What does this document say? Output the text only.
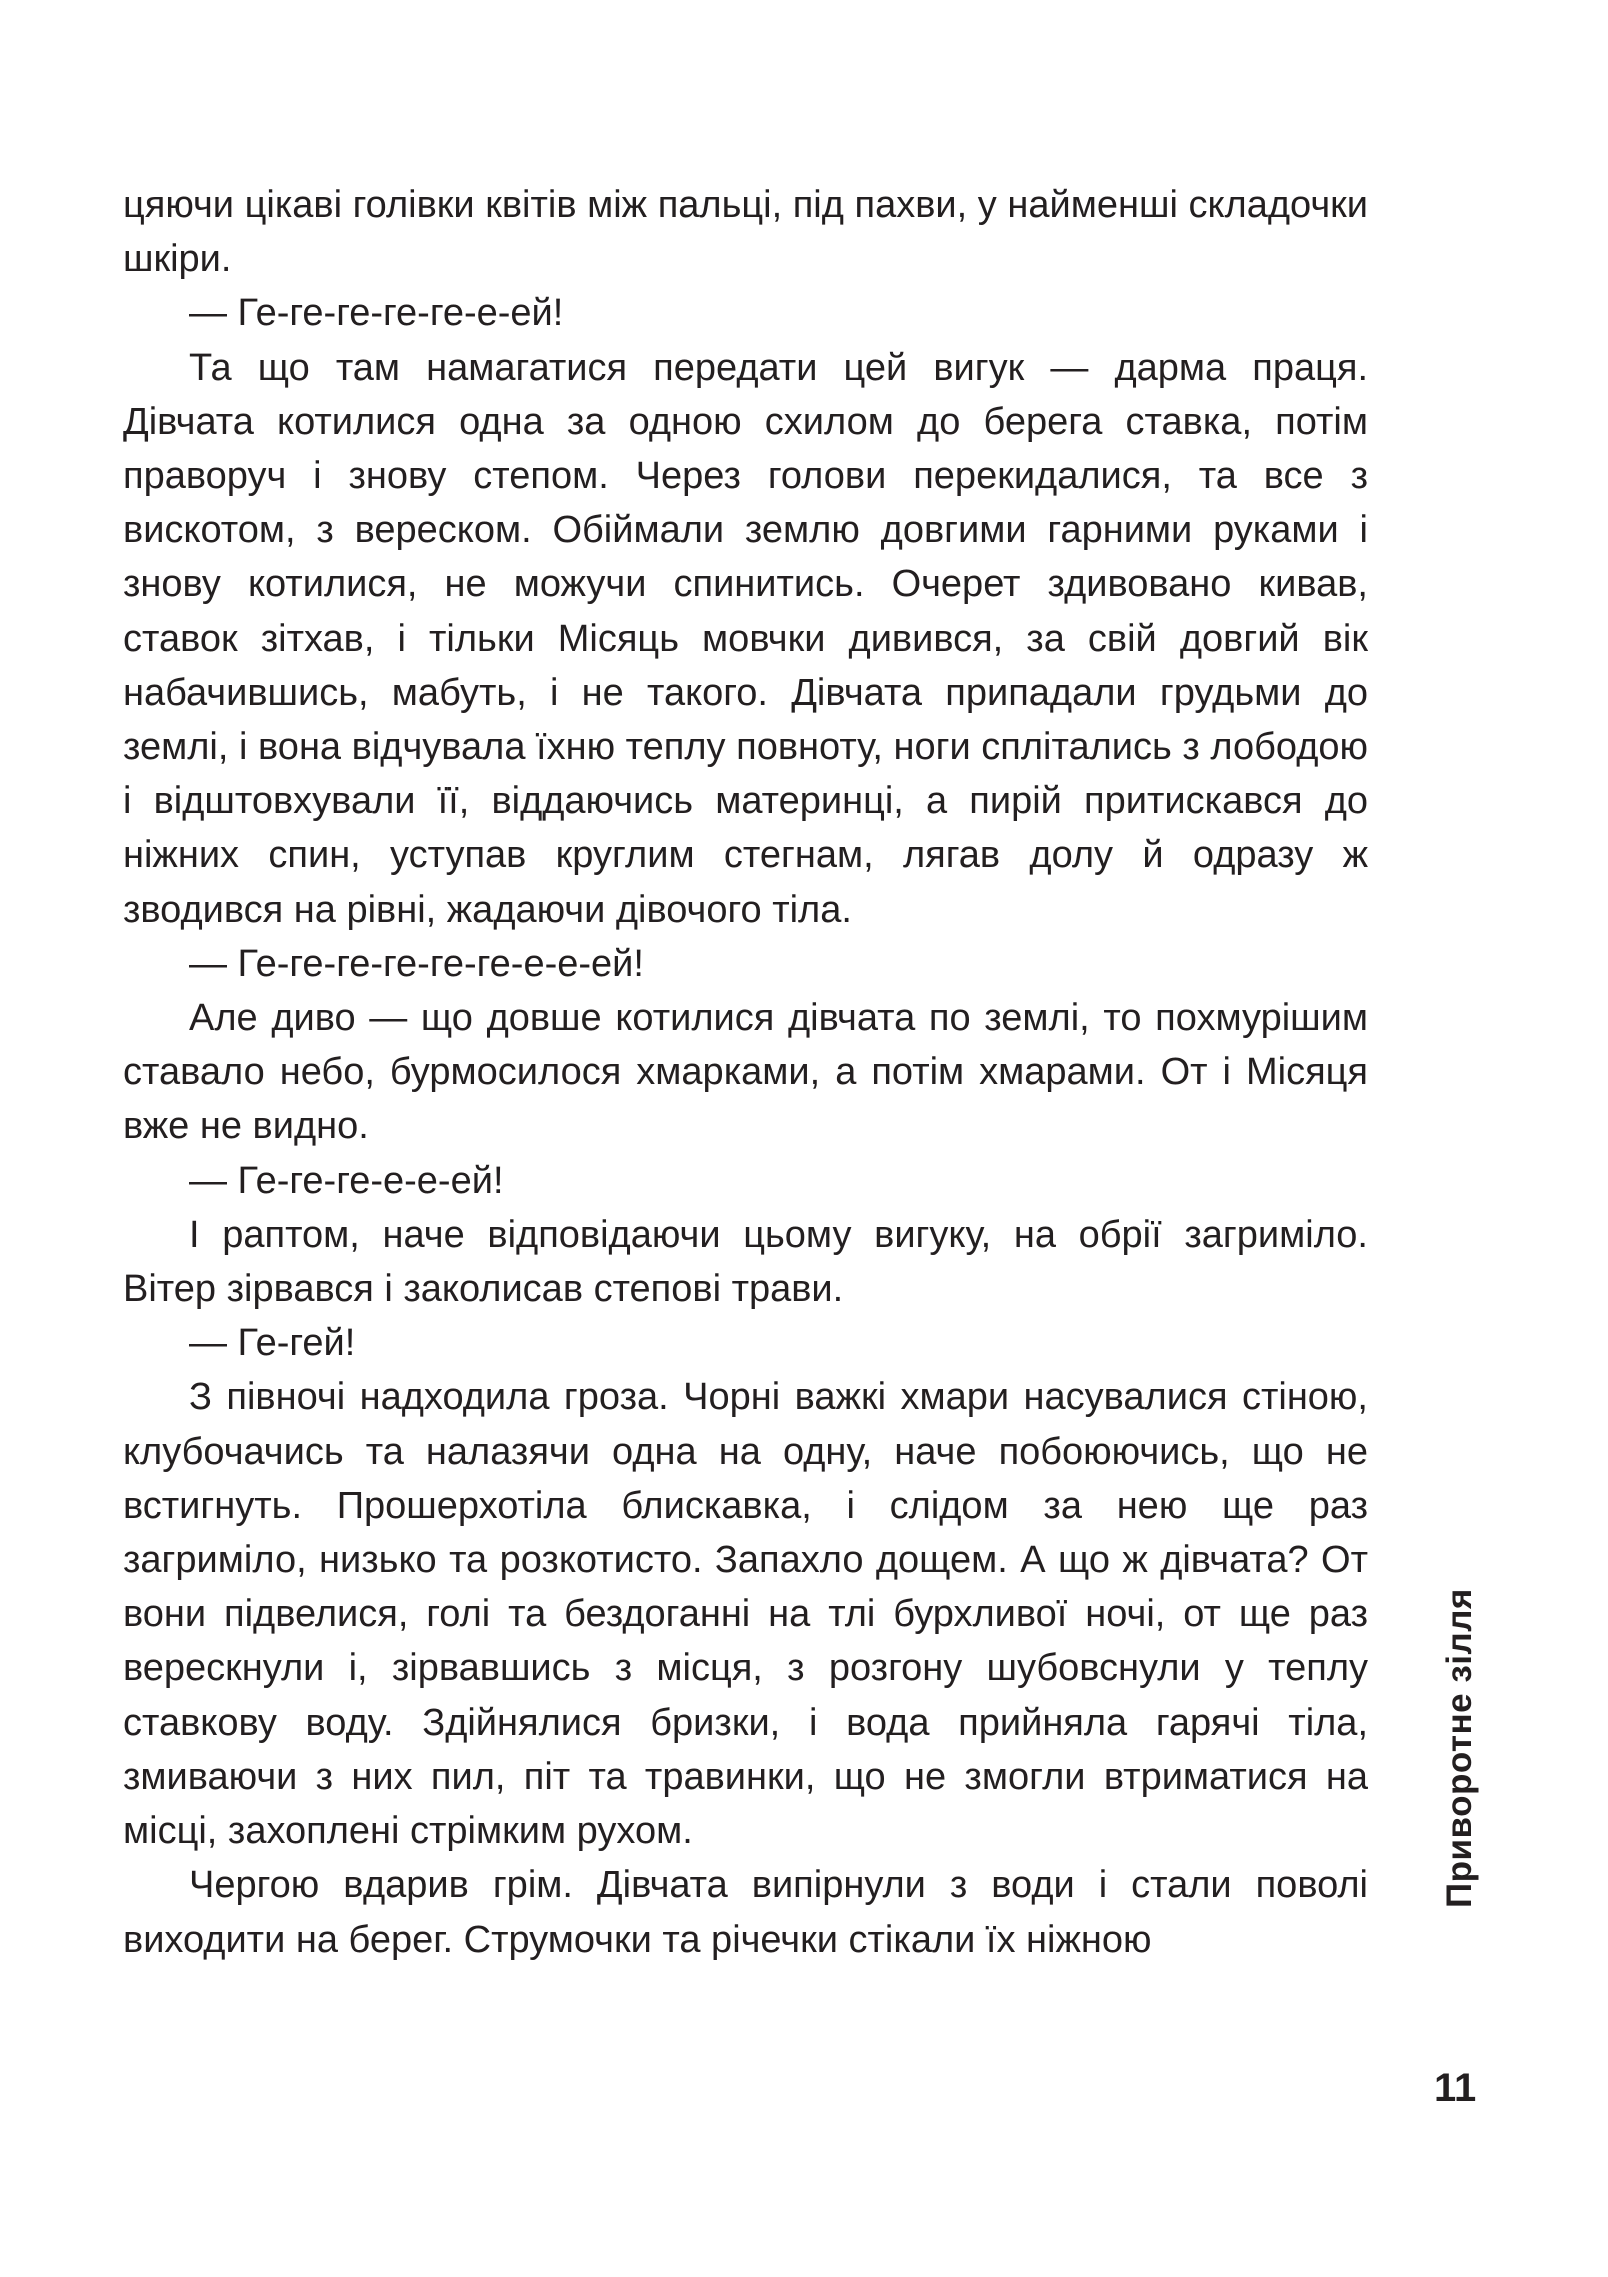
цяючи цікаві голівки квітів між пальці, під пахви, у найменші складочки шкіри.

— Ге-ге-ге-ге-ге-е-ей!

Та що там намагатися передати цей вигук — дарма праця. Дівчата котилися одна за одною схилом до берега ставка, потім праворуч і знову степом. Через голови перекидалися, та все з вискотом, з вереском. Обіймали землю довгими гарними руками і знову котилися, не можучи спинитись. Очерет здивовано кивав, ставок зітхав, і тільки Місяць мовчки дивився, за свій довгий вік набачившись, мабуть, і не такого. Дівчата припадали грудьми до землі, і вона відчувала їхню теплу повноту, ноги сплітались з лободою і відштовхували її, віддаючись материнці, а пирій притискався до ніжних спин, уступав круглим стегнам, лягав долу й одразу ж зводився на рівні, жадаючи дівочого тіла.

— Ге-ге-ге-ге-ге-ге-е-е-ей!

Але диво — що довше котилися дівчата по землі, то похмурішим ставало небо, бурмосилося хмарками, а потім хмарами. От і Місяця вже не видно.

— Ге-ге-ге-е-е-ей!

І раптом, наче відповідаючи цьому вигуку, на обрії загриміло. Вітер зірвався і заколисав степові трави.

— Ге-гей!

З півночі надходила гроза. Чорні важкі хмари насувалися стіною, клубочачись та налазячи одна на одну, наче побоюючись, що не встигнуть. Прошерхотіла блискавка, і слідом за нею ще раз загриміло, низько та розкотисто. Запахло дощем. А що ж дівчата? От вони підвелися, голі та бездоганні на тлі бурхливої ночі, от ще раз верескнули і, зірвавшись з місця, з розгону шубовснули у теплу ставкову воду. Здійнялися бризки, і вода прийняла гарячі тіла, змиваючи з них пил, піт та травинки, що не змогли втриматися на місці, захоплені стрімким рухом.

Чергою вдарив грім. Дівчата випірнули з води і стали поволі виходити на берег. Струмочки та річечки стікали їх ніжною

Приворотне зілля
11
